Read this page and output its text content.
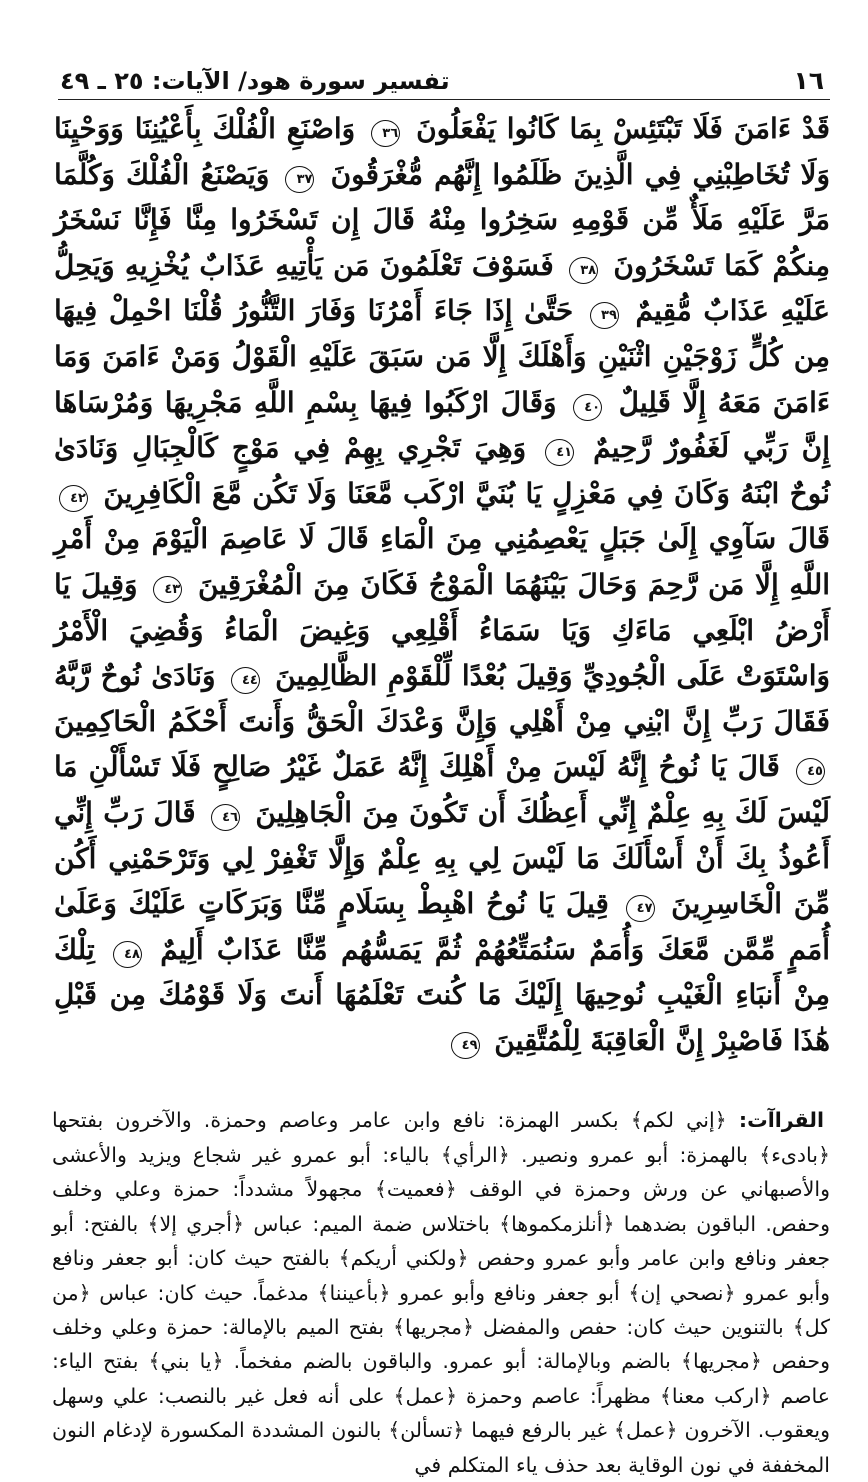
١٦
تفسير سورة هود/ الآيات: ٢٥ ـ ٤٩
قَدْ ءَامَنَ فَلَا تَبْتَئِسْ بِمَا كَانُوا يَفْعَلُونَ ٣٦ وَاصْنَعِ الْفُلْكَ بِأَعْيُنِنَا وَوَحْيِنَا وَلَا تُخَاطِبْنِي فِي الَّذِينَ ظَلَمُوا إِنَّهُم مُّغْرَقُونَ ٣٧ وَيَصْنَعُ الْفُلْكَ وَكُلَّمَا مَرَّ عَلَيْهِ مَلَأٌ مِّن قَوْمِهِ سَخِرُوا مِنْهُ قَالَ إِن تَسْخَرُوا مِنَّا فَإِنَّا نَسْخَرُ مِنكُمْ كَمَا تَسْخَرُونَ ٣٨ فَسَوْفَ تَعْلَمُونَ مَن يَأْتِيهِ عَذَابٌ يُخْزِيهِ وَيَحِلُّ عَلَيْهِ عَذَابٌ مُّقِيمٌ ٣٩ حَتَّىٰ إِذَا جَاءَ أَمْرُنَا وَفَارَ التَّنُّورُ قُلْنَا احْمِلْ فِيهَا مِن كُلٍّ زَوْجَيْنِ اثْنَيْنِ وَأَهْلَكَ إِلَّا مَن سَبَقَ عَلَيْهِ الْقَوْلُ وَمَنْ ءَامَنَ وَمَا ءَامَنَ مَعَهُ إِلَّا قَلِيلٌ ٤٠ وَقَالَ ارْكَبُوا فِيهَا بِسْمِ اللَّهِ مَجْرِيهَا وَمُرْسَاهَا إِنَّ رَبِّي لَغَفُورٌ رَّحِيمٌ ٤١ وَهِيَ تَجْرِي بِهِمْ فِي مَوْجٍ كَالْجِبَالِ وَنَادَىٰ نُوحٌ ابْنَهُ وَكَانَ فِي مَعْزِلٍ يَا بُنَيَّ ارْكَب مَّعَنَا وَلَا تَكُن مَّعَ الْكَافِرِينَ ٤٢ قَالَ سَآوِي إِلَىٰ جَبَلٍ يَعْصِمُنِي مِنَ الْمَاءِ قَالَ لَا عَاصِمَ الْيَوْمَ مِنْ أَمْرِ اللَّهِ إِلَّا مَن رَّحِمَ وَحَالَ بَيْنَهُمَا الْمَوْجُ فَكَانَ مِنَ الْمُغْرَقِينَ ٤٣ وَقِيلَ يَا أَرْضُ ابْلَعِي مَاءَكِ وَيَا سَمَاءُ أَقْلِعِي وَغِيضَ الْمَاءُ وَقُضِيَ الْأَمْرُ وَاسْتَوَتْ عَلَى الْجُودِيِّ وَقِيلَ بُعْدًا لِّلْقَوْمِ الظَّالِمِينَ ٤٤ وَنَادَىٰ نُوحٌ رَّبَّهُ فَقَالَ رَبِّ إِنَّ ابْنِي مِنْ أَهْلِي وَإِنَّ وَعْدَكَ الْحَقُّ وَأَنتَ أَحْكَمُ الْحَاكِمِينَ ٤٥ قَالَ يَا نُوحُ إِنَّهُ لَيْسَ مِنْ أَهْلِكَ إِنَّهُ عَمَلٌ غَيْرُ صَالِحٍ فَلَا تَسْأَلْنِ مَا لَيْسَ لَكَ بِهِ عِلْمٌ إِنِّي أَعِظُكَ أَن تَكُونَ مِنَ الْجَاهِلِينَ ٤٦ قَالَ رَبِّ إِنِّي أَعُوذُ بِكَ أَنْ أَسْأَلَكَ مَا لَيْسَ لِي بِهِ عِلْمٌ وَإِلَّا تَغْفِرْ لِي وَتَرْحَمْنِي أَكُن مِّنَ الْخَاسِرِينَ ٤٧ قِيلَ يَا نُوحُ اهْبِطْ بِسَلَامٍ مِّنَّا وَبَرَكَاتٍ عَلَيْكَ وَعَلَىٰ أُمَمٍ مِّمَّن مَّعَكَ وَأُمَمٌ سَنُمَتِّعُهُمْ ثُمَّ يَمَسُّهُم مِّنَّا عَذَابٌ أَلِيمٌ ٤٨ تِلْكَ مِنْ أَنبَاءِ الْغَيْبِ نُوحِيهَا إِلَيْكَ مَا كُنتَ تَعْلَمُهَا أَنتَ وَلَا قَوْمُكَ مِن قَبْلِ هَٰذَا فَاصْبِرْ إِنَّ الْعَاقِبَةَ لِلْمُتَّقِينَ ٤٩

القراآت: ﴿إني لكم﴾ بكسر الهمزة: نافع وابن عامر وعاصم وحمزة. والآخرون بفتحها ﴿بادىء﴾ بالهمزة: أبو عمرو ونصير. ﴿الرأي﴾ بالياء: أبو عمرو غير شجاع ويزيد والأعشى والأصبهاني عن ورش وحمزة في الوقف ﴿فعميت﴾ مجهولاً مشدداً: حمزة وعلي وخلف وحفص. الباقون بضدهما ﴿أنلزمكموها﴾ باختلاس ضمة الميم: عباس ﴿أجري إلا﴾ بالفتح: أبو جعفر ونافع وابن عامر وأبو عمرو وحفص ﴿ولكني أريكم﴾ بالفتح حيث كان: أبو جعفر ونافع وأبو عمرو ﴿نصحي إن﴾ أبو جعفر ونافع وأبو عمرو ﴿بأعيننا﴾ مدغماً. حيث كان: عباس ﴿من كل﴾ بالتنوين حيث كان: حفص والمفضل ﴿مجريها﴾ بفتح الميم بالإمالة: حمزة وعلي وخلف وحفص ﴿مجريها﴾ بالضم وبالإمالة: أبو عمرو. والباقون بالضم مفخماً. ﴿يا بني﴾ بفتح الياء: عاصم ﴿اركب معنا﴾ مظهراً: عاصم وحمزة ﴿عمل﴾ على أنه فعل غير بالنصب: علي وسهل ويعقوب. الآخرون ﴿عمل﴾ غير بالرفع فيهما ﴿تسألن﴾ بالنون المشددة المكسورة لإدغام النون المخففة في نون الوقاية بعد حذف ياء المتكلم في
